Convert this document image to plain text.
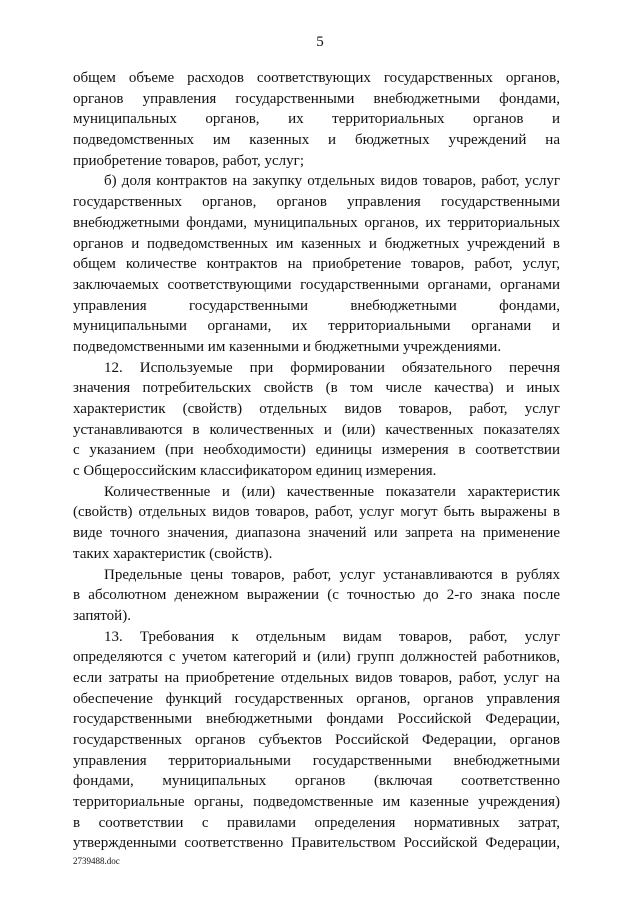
5
общем объеме расходов соответствующих государственных органов,
органов управления государственными внебюджетными фондами,
муниципальных органов, их территориальных органов и
подведомственных им казенных и бюджетных учреждений на
приобретение товаров, работ, услуг;
б) доля контрактов на закупку отдельных видов товаров, работ, услуг
государственных органов, органов управления государственными
внебюджетными фондами, муниципальных органов, их территориальных
органов и подведомственных им казенных и бюджетных учреждений в
общем количестве контрактов на приобретение товаров, работ, услуг,
заключаемых соответствующими государственными органами, органами
управления государственными внебюджетными фондами,
муниципальными органами, их территориальными органами и
подведомственными им казенными и бюджетными учреждениями.
12. Используемые при формировании обязательного перечня
значения потребительских свойств (в том числе качества) и иных
характеристик (свойств) отдельных видов товаров, работ, услуг
устанавливаются в количественных и (или) качественных показателях
с указанием (при необходимости) единицы измерения в соответствии
с Общероссийским классификатором единиц измерения.
Количественные и (или) качественные показатели характеристик
(свойств) отдельных видов товаров, работ, услуг могут быть выражены в
виде точного значения, диапазона значений или запрета на применение
таких характеристик (свойств).
Предельные цены товаров, работ, услуг устанавливаются в рублях
в абсолютном денежном выражении (с точностью до 2-го знака после
запятой).
13. Требования к отдельным видам товаров, работ, услуг
определяются с учетом категорий и (или) групп должностей работников,
если затраты на приобретение отдельных видов товаров, работ, услуг на
обеспечение функций государственных органов, органов управления
государственными внебюджетными фондами Российской Федерации,
государственных органов субъектов Российской Федерации, органов
управления территориальными государственными внебюджетными
фондами, муниципальных органов (включая соответственно
территориальные органы, подведомственные им казенные учреждения)
в соответствии с правилами определения нормативных затрат,
утвержденными соответственно Правительством Российской Федерации,
2739488.doc
